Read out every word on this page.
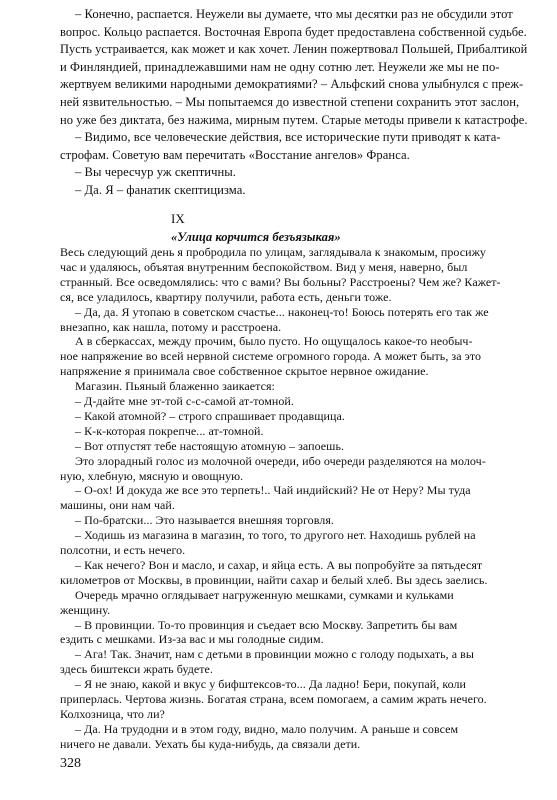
– Конечно, распается. Неужели вы думаете, что мы десятки раз не обсудили этот
вопрос. Кольцо распается. Восточная Европа будет предоставлена собственной судьбе.
Пусть устраивается, как может и как хочет. Ленин пожертвовал Польшей, Прибалтикой
и Финляндией, принадлежавшими нам не одну сотню лет. Неужели же мы не по-
жертвуем великими народными демократиями? – Альфский снова улыбнулся с преж-
ней язвительностью. – Мы попытаемся до известной степени сохранить этот заслон,
но уже без диктата, без нажима, мирным путем. Старые методы привели к катастрофе.
– Видимо, все человеческие действия, все исторические пути приводят к ката-
строфам. Советую вам перечитать «Восстание ангелов» Франса.
– Вы чересчур уж скептичны.
– Да. Я – фанатик скептицизма.
IX
«Улица корчится безъязыкая»
Весь следующий день я пробродила по улицам, заглядывала к знакомым, просижу
час и удаляюсь, объятая внутренним беспокойством. Вид у меня, наверно, был
странный. Все осведомлялись: что с вами? Вы больны? Расстроены? Чем же? Кажет-
ся, все уладилось, квартиру получили, работа есть, деньги тоже.
– Да, да. Я утопаю в советском счастье... наконец-то! Боюсь потерять его так же
внезапно, как нашла, потому и расстроена.
А в сберкассах, между прочим, было пусто. Но ощущалось какое-то необыч-
ное напряжение во всей нервной системе огромного города. А может быть, за это
напряжение я принимала свое собственное скрытое нервное ожидание.
Магазин. Пьяный блаженно заикается:
– Д-дайте мне эт-той с-с-самой ат-томной.
– Какой атомной? – строго спрашивает продавщица.
– К-к-которая покрепче... ат-томной.
– Вот отпустят тебе настоящую атомную – запоешь.
Это злорадный голос из молочной очереди, ибо очереди разделяются на молоч-
ную, хлебную, мясную и овощную.
– О-ох! И докуда же все это терпеть!.. Чай индийский? Не от Неру? Мы туда
машины, они нам чай.
– По-братски... Это называется внешняя торговля.
– Ходишь из магазина в магазин, то того, то другого нет. Находишь рублей на
полсотни, и есть нечего.
– Как нечего? Вон и масло, и сахар, и яйца есть. А вы попробуйте за пятьдесят
километров от Москвы, в провинции, найти сахар и белый хлеб. Вы здесь заелись.
Очередь мрачно оглядывает нагруженную мешками, сумками и кульками
женщину.
– В провинции. То-то провинция и съедает всю Москву. Запретить бы вам
ездить с мешками. Из-за вас и мы голодные сидим.
– Ага! Так. Значит, нам с детьми в провинции можно с голоду подыхать, а вы
здесь биштекси жрать будете.
– Я не знаю, какой и вкус у бифштексов-то... Да ладно! Бери, покупай, коли
приперлась. Чертова жизнь. Богатая страна, всем помогаем, а самим жрать нечего.
Колхозница, что ли?
– Да. На трудодни и в этом году, видно, мало получим. А раньше и совсем
ничего не давали. Уехать бы куда-нибудь, да связали дети.
328
